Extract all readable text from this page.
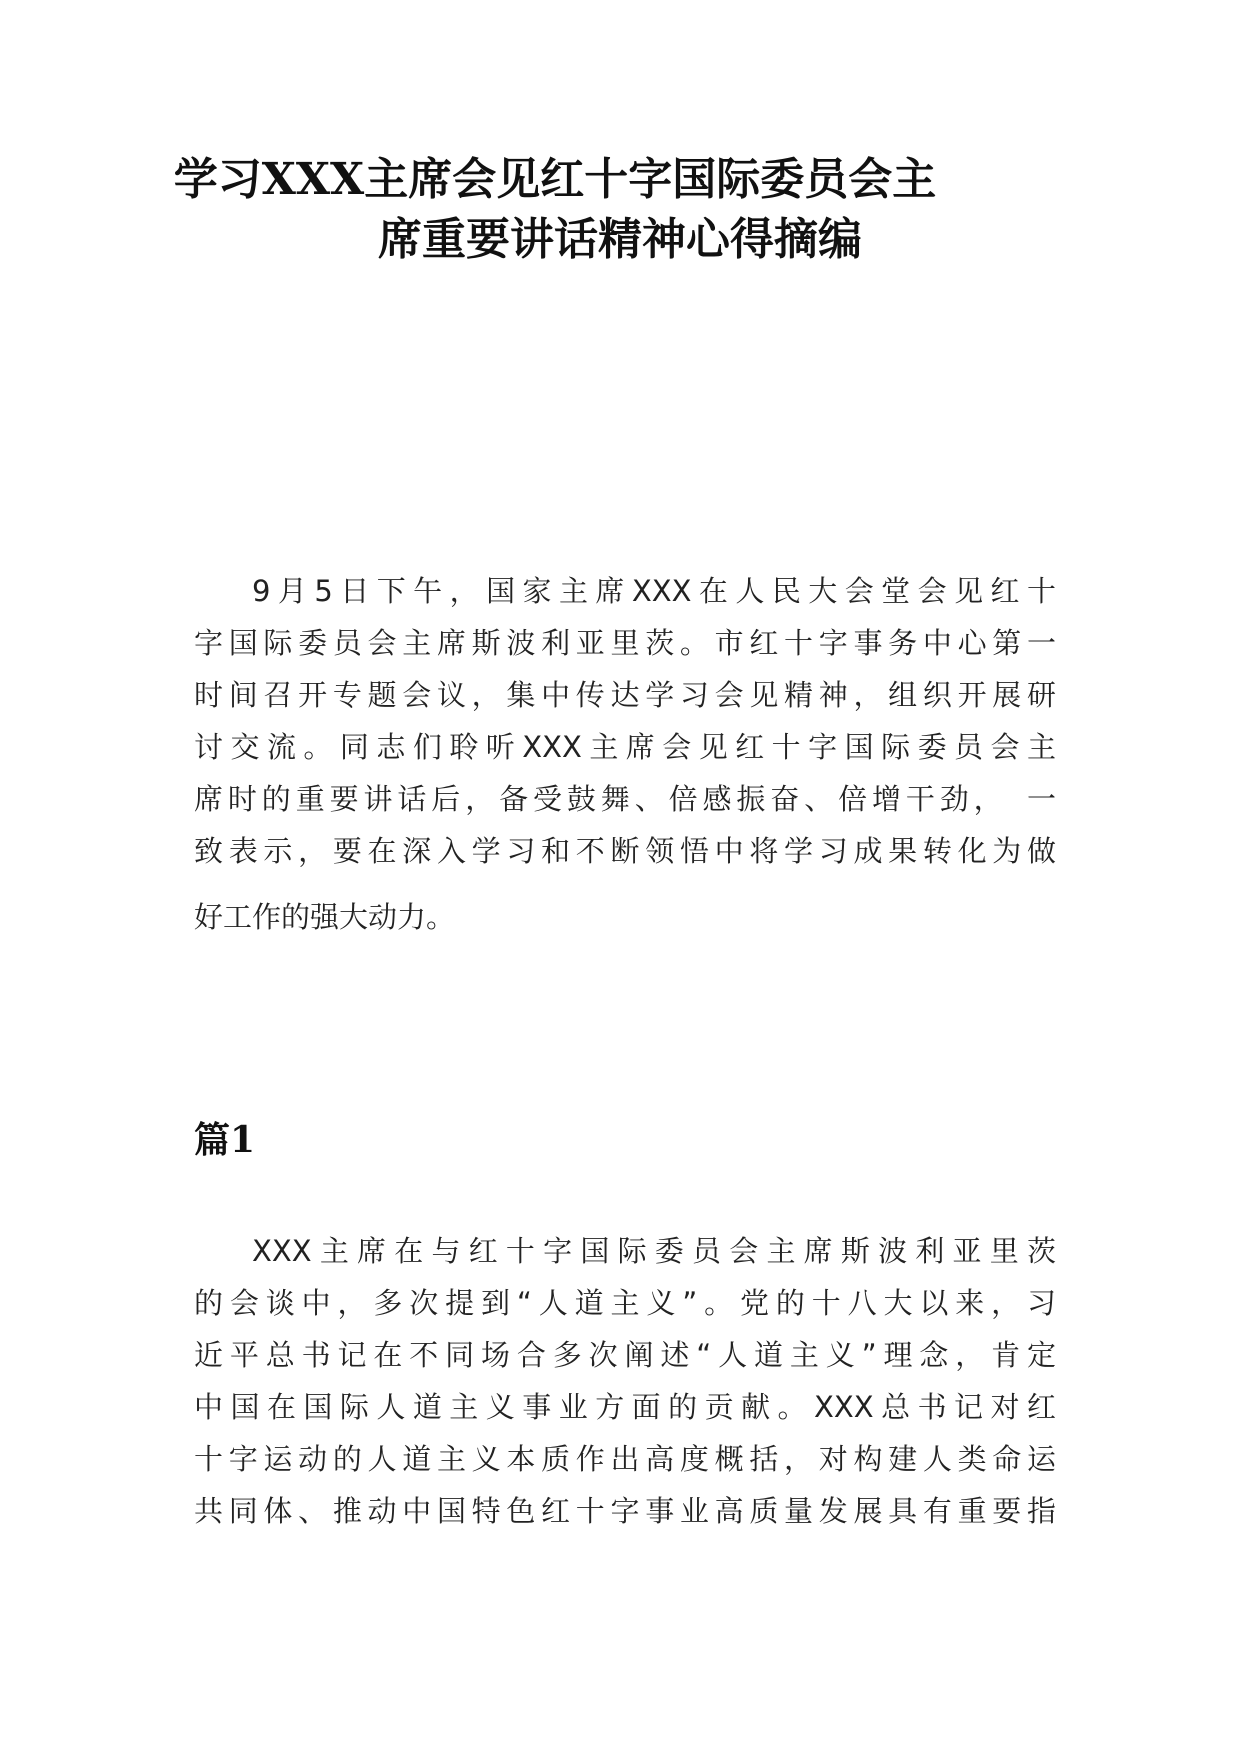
学习XXX主席会见红十字国际委员会主
席重要讲话精神心得摘编
9月5日下午，国家主席XXX在人民大会堂会见红十
字国际委员会主席斯波利亚里茨。市红十字事务中心第一
时间召开专题会议，集中传达学习会见精神，组织开展研
讨交流。同志们聆听XXX主席会见红十字国际委员会主
席时的重要讲话后，备受鼓舞、倍感振奋、倍增干劲，　一
致表示，要在深入学习和不断领悟中将学习成果转化为做
好工作的强大动力。
篇1
XXX主席在与红十字国际委员会主席斯波利亚里茨
的会谈中，多次提到“人道主义”。党的十八大以来，习
近平总书记在不同场合多次阐述“人道主义”理念，肯定
中国在国际人道主义事业方面的贡献。XXX总书记对红
十字运动的人道主义本质作出高度概括，对构建人类命运
共同体、推动中国特色红十字事业高质量发展具有重要指
